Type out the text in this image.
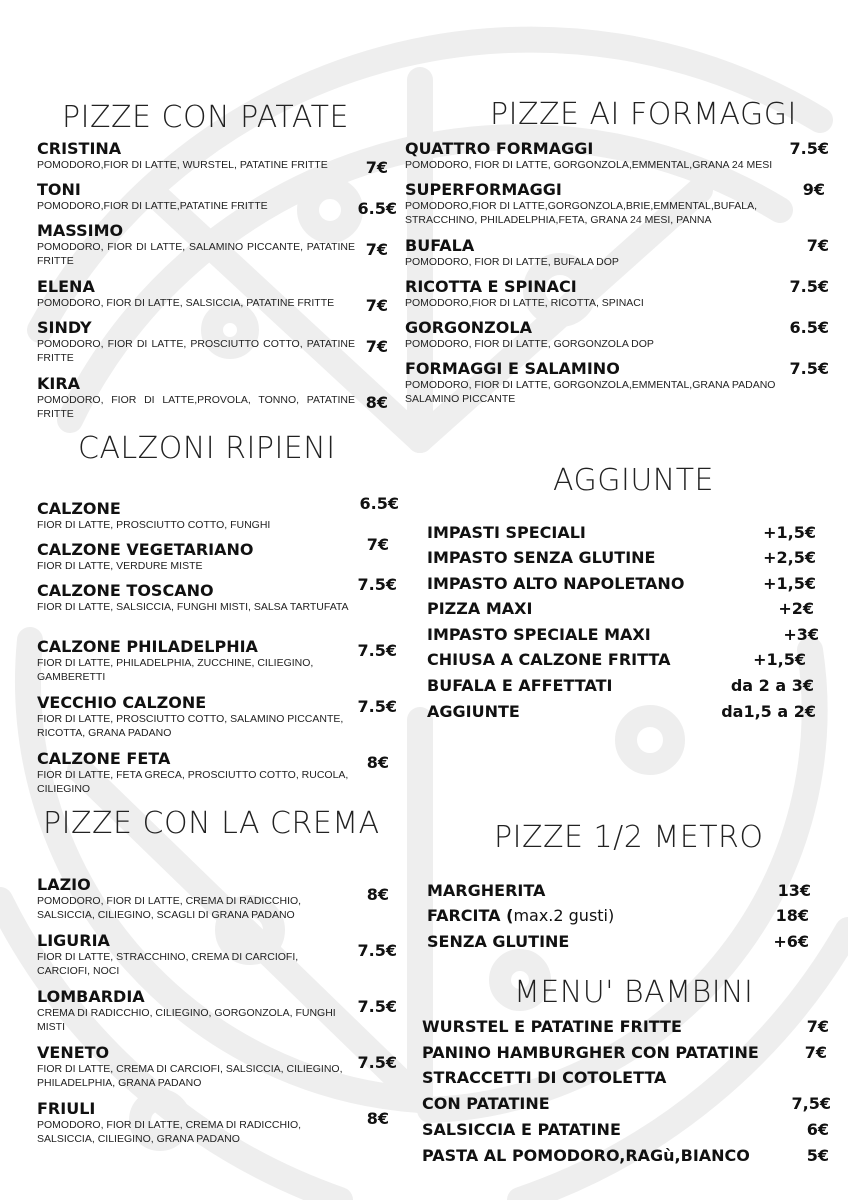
PIZZE CON PATATE
CRISTINA
POMODORO,FIOR DI LATTE, WURSTEL, PATATINE FRITTE	7€
TONI
POMODORO,FIOR DI LATTE,PATATINE FRITTE	6.5€
MASSIMO
POMODORO, FIOR DI LATTE, SALAMINO PICCANTE, PATATINE FRITTE
7€
ELENA
POMODORO, FIOR DI LATTE, SALSICCIA, PATATINE FRITTE	7€
SINDY
POMODORO, FIOR DI LATTE, PROSCIUTTO COTTO, PATATINE FRITTE
7€
KIRA
POMODORO, FIOR DI LATTE,PROVOLA, TONNO, PATATINE FRITTE
8€
PIZZE AI FORMAGGI
QUATTRO FORMAGGI
POMODORO, FIOR DI LATTE, GORGONZOLA,EMMENTAL,GRANA 24 MESI
7.5€
SUPERFORMAGGI
POMODORO,FIOR DI LATTE,GORGONZOLA,BRIE,EMMENTAL,BUFALA, STRACCHINO, PHILADELPHIA,FETA, GRANA 24 MESI, PANNA
9€
BUFALA
POMODORO, FIOR DI LATTE, BUFALA DOP
7€
RICOTTA E SPINACI
POMODORO,FIOR DI LATTE, RICOTTA, SPINACI
7.5€
GORGONZOLA
POMODORO, FIOR DI LATTE, GORGONZOLA DOP
6.5€
FORMAGGI E SALAMINO
POMODORO, FIOR DI LATTE, GORGONZOLA,EMMENTAL,GRANA PADANO SALAMINO PICCANTE
7.5€
CALZONI RIPIENI
CALZONE
FIOR DI LATTE, PROSCIUTTO COTTO, FUNGHI
6.5€
CALZONE VEGETARIANO
FIOR DI LATTE, VERDURE MISTE
7€
CALZONE TOSCANO
FIOR DI LATTE, SALSICCIA, FUNGHI MISTI, SALSA TARTUFATA
7.5€
CALZONE PHILADELPHIA
FIOR DI LATTE, PHILADELPHIA, ZUCCHINE, CILIEGINO, GAMBERETTI
7.5€
VECCHIO CALZONE
FIOR DI LATTE, PROSCIUTTO COTTO, SALAMINO PICCANTE, RICOTTA, GRANA PADANO
7.5€
CALZONE FETA
FIOR DI LATTE, FETA GRECA, PROSCIUTTO COTTO, RUCOLA, CILIEGINO
8€
AGGIUNTE
IMPASTI SPECIALI	+1,5€
IMPASTO SENZA GLUTINE	+2,5€
IMPASTO ALTO NAPOLETANO	+1,5€
PIZZA MAXI	+2€
IMPASTO SPECIALE MAXI	+3€
CHIUSA A CALZONE FRITTA	+1,5€
BUFALA E AFFETTATI	da 2 a 3€
AGGIUNTE	da1,5 a 2€
PIZZE CON LA CREMA
LAZIO
POMODORO, FIOR DI LATTE, CREMA DI RADICCHIO, SALSICCIA, CILIEGINO, SCAGLI DI GRANA PADANO
8€
LIGURIA
FIOR DI LATTE, STRACCHINO, CREMA DI CARCIOFI, CARCIOFI, NOCI
7.5€
LOMBARDIA
CREMA DI RADICCHIO, CILIEGINO, GORGONZOLA, FUNGHI MISTI
7.5€
VENETO
FIOR DI LATTE, CREMA DI CARCIOFI, SALSICCIA, CILIEGINO, PHILADELPHIA, GRANA PADANO
7.5€
FRIULI
POMODORO, FIOR DI LATTE, CREMA DI RADICCHIO, SALSICCIA, CILIEGINO, GRANA PADANO
8€
PIZZE 1/2 METRO
MARGHERITA	13€
FARCITA (max.2 gusti)	18€
SENZA GLUTINE	+6€
MENU' BAMBINI
WURSTEL E PATATINE FRITTE	7€
PANINO HAMBURGHER CON PATATINE	7€
STRACCETTI DI COTOLETTA
CON PATATINE	7,5€
SALSICCIA E PATATINE	6€
PASTA AL POMODORO,RAGù,BIANCO	5€
